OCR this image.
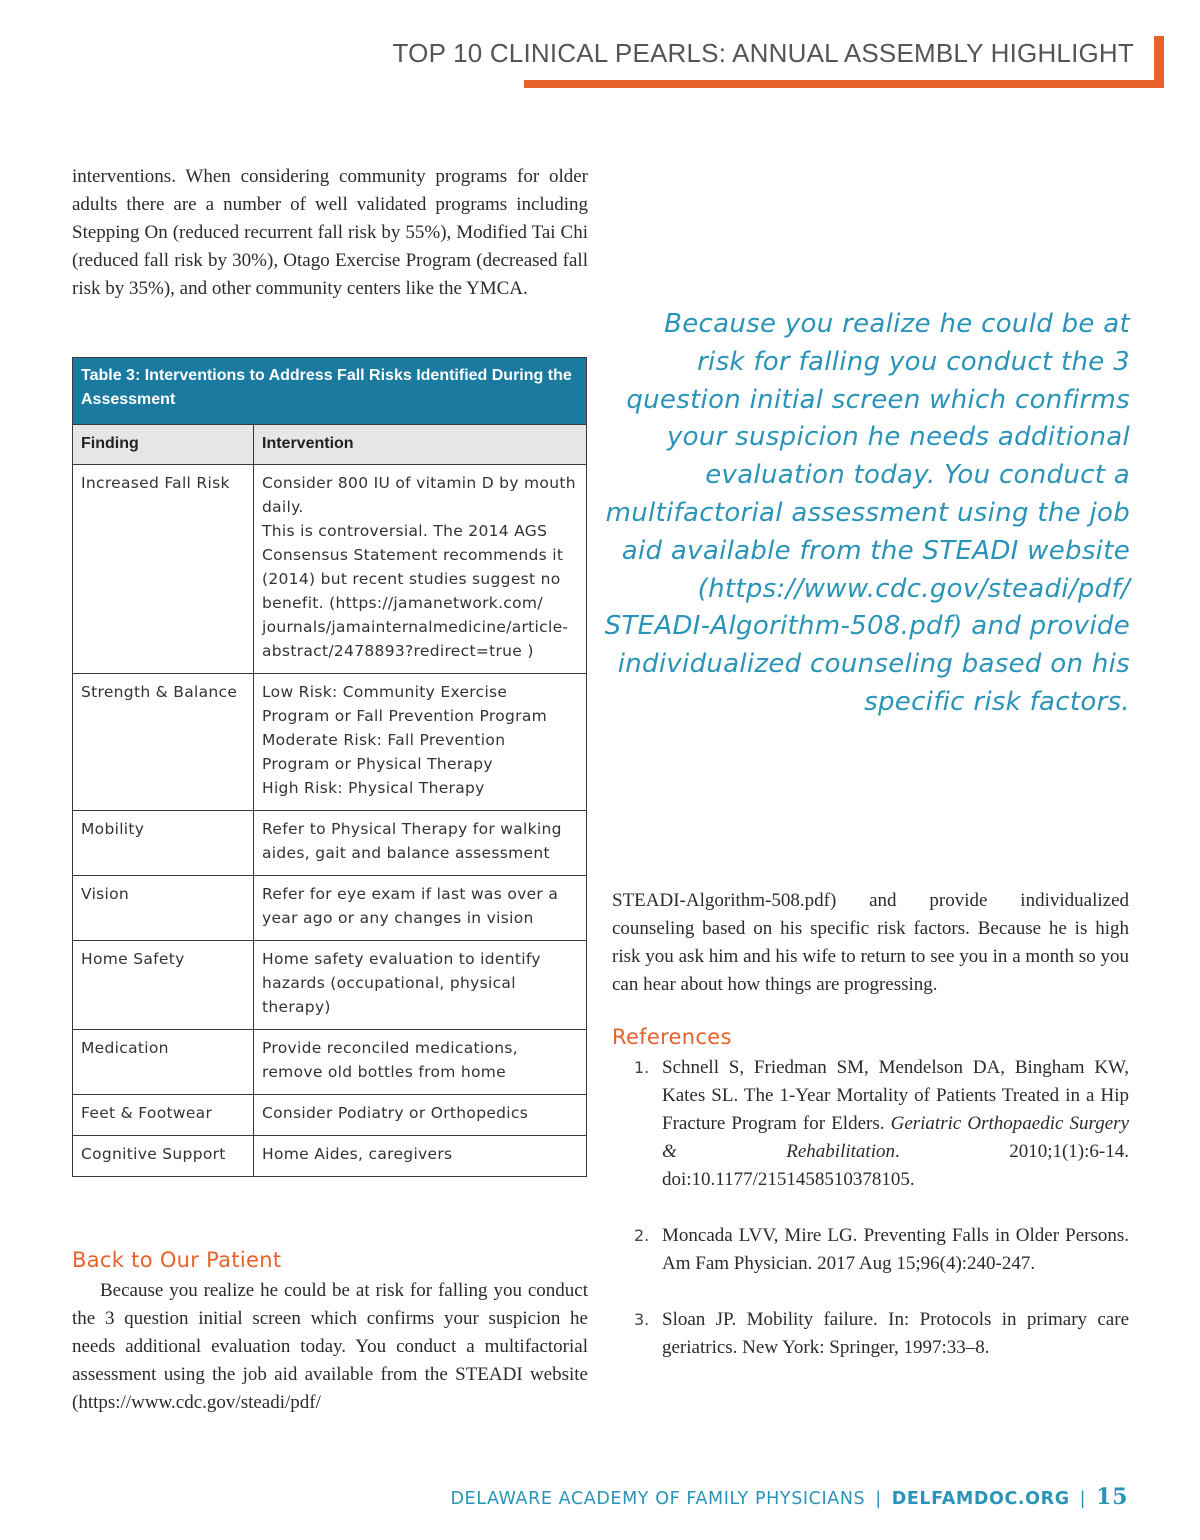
TOP 10 CLINICAL PEARLS: ANNUAL ASSEMBLY HIGHLIGHT

interventions. When considering community programs for older adults there are a number of well validated programs including Stepping On (reduced recurrent fall risk by 55%), Modified Tai Chi (reduced fall risk by 30%), Otago Exercise Program (decreased fall risk by 35%), and other community centers like the YMCA.

Table 3: Interventions to Address Fall Risks Identified During the Assessment	
Finding	Intervention
Increased Fall Risk	Consider 800 IU of vitamin D by mouth daily.
This is controversial. The 2014 AGS Consensus Statement recommends it (2014) but recent studies suggest no benefit. (https://jamanetwork.com/ journals/jamainternalmedicine/article-abstract/2478893?redirect=true )

Strength & Balance	Low Risk: Community Exercise Program or Fall Prevention Program
Moderate Risk: Fall Prevention Program or Physical Therapy
High Risk: Physical Therapy

Mobility	Refer to Physical Therapy for walking aides, gait and balance assessment

Vision	Refer for eye exam if last was over a year ago or any changes in vision

Home Safety	Home safety evaluation to identify hazards (occupational, physical therapy)

Medication	Provide reconciled medications, remove old bottles from home

Feet & Footwear	Consider Podiatry or Orthopedics

Cognitive Support	Home Aides, caregivers
Because you realize he could be at
risk for falling you conduct the 3
question initial screen which confirms
your suspicion he needs additional
evaluation today. You conduct a
multifactorial assessment using the job
aid available from the STEADI website
(https://www.cdc.gov/steadi/pdf/
STEADI-Algorithm-508.pdf) and provide
individualized counseling based on his
specific risk factors.
Back to Our Patient

Because you realize he could be at risk for falling you conduct the 3 question initial screen which confirms your suspicion he needs additional evaluation today. You conduct a multifactorial assessment using the job aid available from the STEADI website (https://www.cdc.gov/steadi/pdf/

STEADI-Algorithm-508.pdf) and provide individualized counseling based on his specific risk factors. Because he is high risk you ask him and his wife to return to see you in a month so you can hear about how things are progressing.

References
1. Schnell S, Friedman SM, Mendelson DA, Bingham KW, Kates SL. The 1-Year Mortality of Patients Treated in a Hip Fracture Program for Elders. Geriatric Orthopaedic Surgery & Rehabilitation. 2010;1(1):6-14. doi:10.1177/2151458510378105.
2. Moncada LVV, Mire LG. Preventing Falls in Older Persons. Am Fam Physician. 2017 Aug 15;96(4):240-247.
3. Sloan JP. Mobility failure. In: Protocols in primary care geriatrics. New York: Springer, 1997:33–8.
DELAWARE ACADEMY OF FAMILY PHYSICIANS | DELFAMDOC.ORG | 15
